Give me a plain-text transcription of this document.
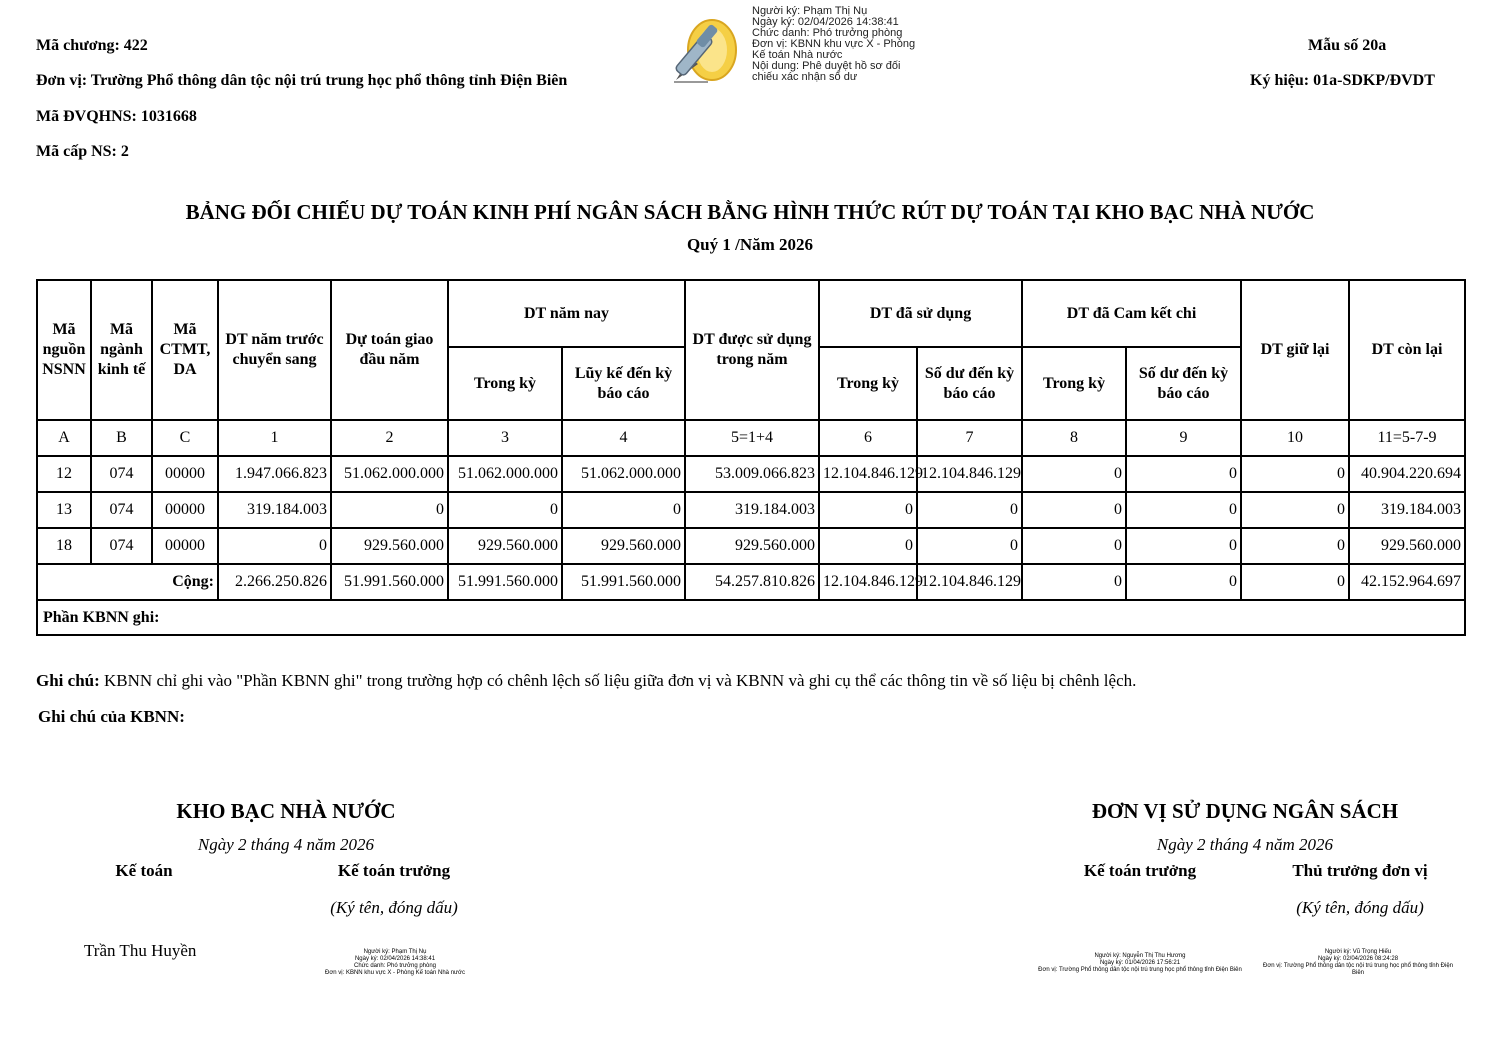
Mã chương: 422
Đơn vị: Trường Phổ thông dân tộc nội trú trung học phổ thông tỉnh Điện Biên
Mã ĐVQHNS: 1031668
Mã cấp NS: 2
Mẫu số 20a
Ký hiệu: 01a-SDKP/ĐVDT
Người ký: Phạm Thị Nụ
Ngày ký: 02/04/2026 14:38:41
Chức danh: Phó trưởng phòng
Đơn vị: KBNN khu vực X - Phòng
Kế toán Nhà nước
Nội dung: Phê duyệt hồ sơ đối
chiếu xác nhận số dư
BẢNG ĐỐI CHIẾU DỰ TOÁN KINH PHÍ NGÂN SÁCH BẰNG HÌNH THỨC RÚT DỰ TOÁN TẠI KHO BẠC NHÀ NƯỚC
Quý 1 /Năm 2026
Mã nguồn NSNN	Mã ngành kinh tế	Mã CTMT, DA	DT năm trước chuyển sang	Dự toán giao đầu năm	DT năm nay		DT được sử dụng trong năm	DT đã sử dụng		DT đã Cam kết chi		DT giữ lại	DT còn lại
					Trong kỳ	Lũy kế đến kỳ báo cáo		Trong kỳ	Số dư đến kỳ báo cáo	Trong kỳ	Số dư đến kỳ báo cáo		
A	B	C	1	2	3	4	5=1+4	6	7	8	9	10	11=5-7-9
12	074	00000	1.947.066.823	51.062.000.000	51.062.000.000	51.062.000.000	53.009.066.823	12.104.846.129	12.104.846.129	0	0	0	40.904.220.694
13	074	00000	319.184.003	0	0	0	319.184.003	0	0	0	0	0	319.184.003
18	074	00000	0	929.560.000	929.560.000	929.560.000	929.560.000	0	0	0	0	0	929.560.000
Cộng:			2.266.250.826	51.991.560.000	51.991.560.000	51.991.560.000	54.257.810.826	12.104.846.129	12.104.846.129	0	0	0	42.152.964.697
Phần KBNN ghi:													
Ghi chú: KBNN chỉ ghi vào "Phần KBNN ghi" trong trường hợp có chênh lệch số liệu giữa đơn vị và KBNN và ghi cụ thể các thông tin về số liệu bị chênh lệch.
Ghi chú của KBNN:
KHO BẠC NHÀ NƯỚC
Ngày 2 tháng 4 năm 2026
Kế toán	Kế toán trưởng
(Ký tên, đóng dấu)
Trần Thu Huyền	Người ký: Phạm Thị Nụ
Ngày ký: 02/04/2026 14:38:41
Chức danh: Phó trưởng phòng
Đơn vị: KBNN khu vực X - Phòng Kế toán Nhà nước
ĐƠN VỊ SỬ DỤNG NGÂN SÁCH
Ngày 2 tháng 4 năm 2026
Kế toán trưởng	Thủ trưởng đơn vị
(Ký tên, đóng dấu)
Người ký: Nguyễn Thị Thu Hương
Ngày ký: 01/04/2026 17:56:21
Đơn vị: Trường Phổ thông dân tộc nội trú trung học phổ thông tỉnh Điện Biên
Người ký: Vũ Trọng Hiếu
Ngày ký: 02/04/2026 08:24:28
Đơn vị: Trường Phổ thông dân tộc nội trú trung học phổ thông tỉnh Điện
Biên
